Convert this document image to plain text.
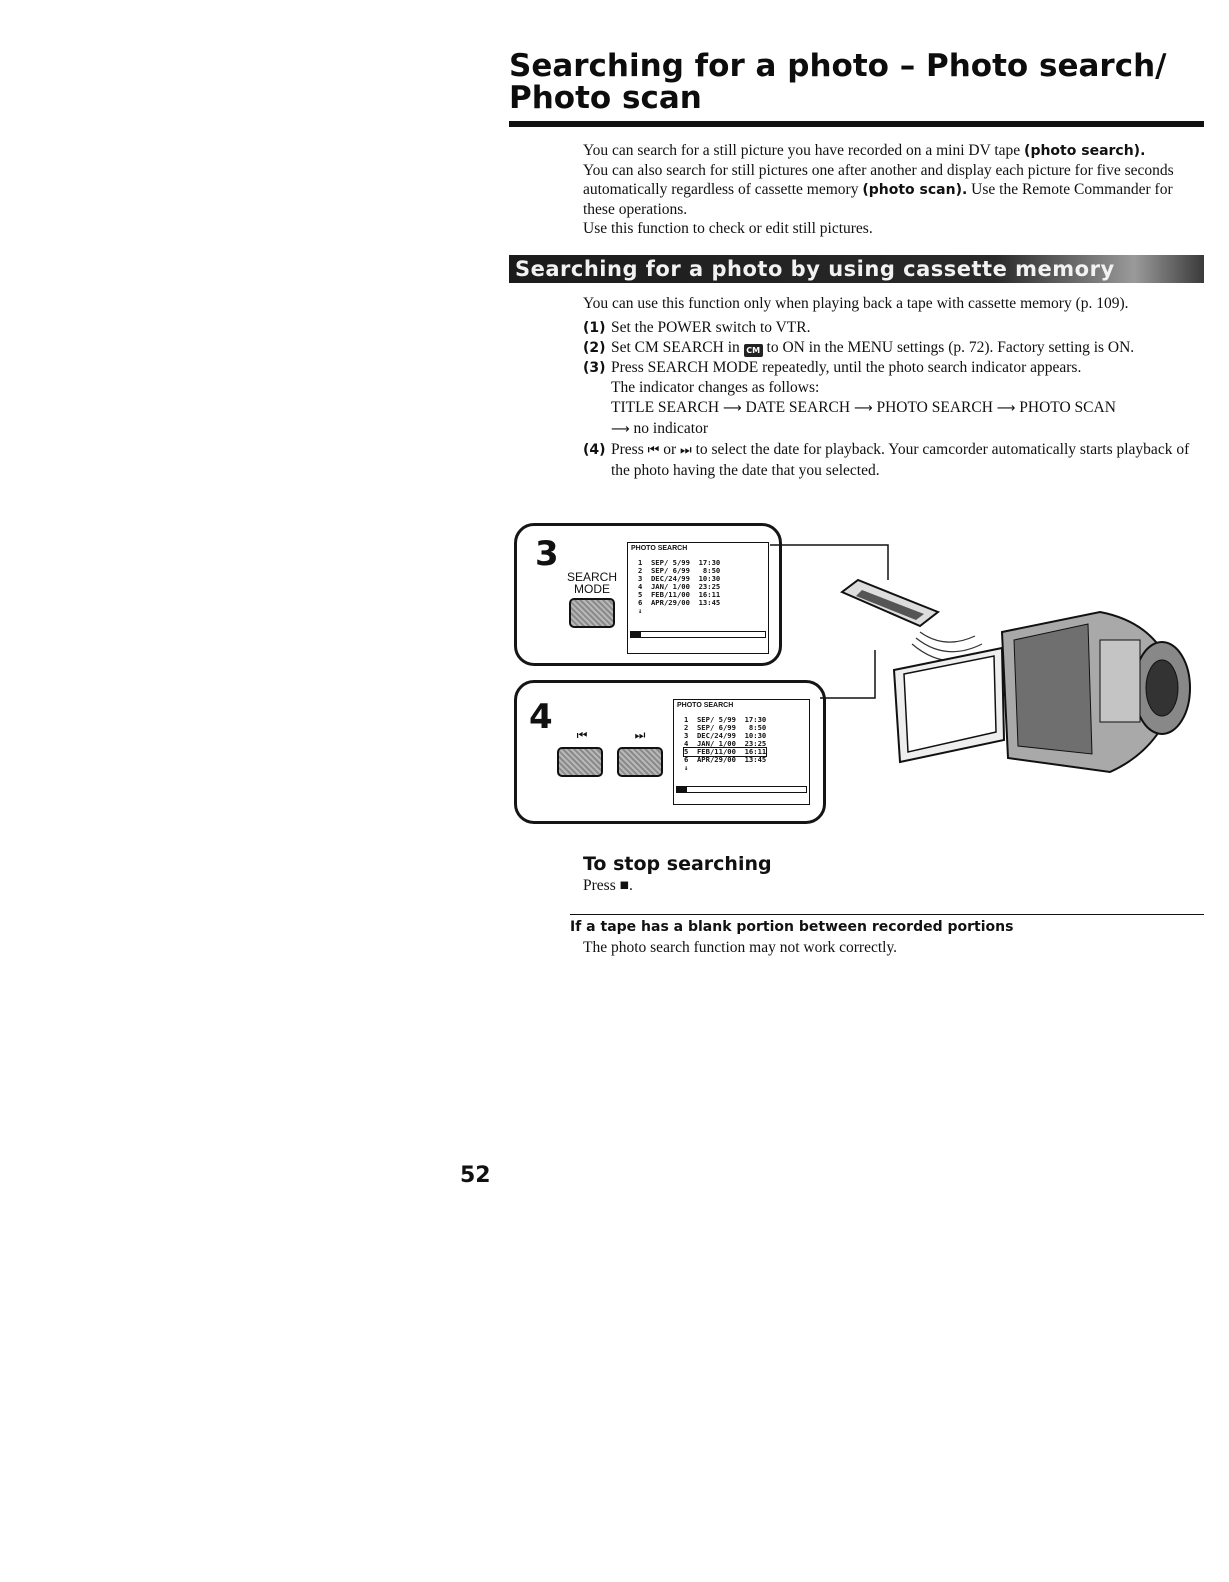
Searching for a photo – Photo search/ Photo scan

You can search for a still picture you have recorded on a mini DV tape (photo search).

You can also search for still pictures one after another and display each picture for five seconds automatically regardless of cassette memory (photo scan). Use the Remote Commander for these operations.

Use this function to check or edit still pictures.

Searching for a photo by using cassette memory

You can use this function only when playing back a tape with cassette memory (p. 109).

(1) Set the POWER switch to VTR.
(2) Set CM SEARCH in CM to ON in the MENU settings (p. 72). Factory setting is ON.
(3) Press SEARCH MODE repeatedly, until the photo search indicator appears.
The indicator changes as follows:
TITLE SEARCH ⟶ DATE SEARCH ⟶ PHOTO SEARCH ⟶ PHOTO SCAN
⟶ no indicator
(4) Press ⏮ or ⏭ to select the date for playback. Your camcorder automatically starts playback of the photo having the date that you selected.
3
SEARCH
MODE
PHOTO SEARCH
1  SEP/ 5/99  17:30
2  SEP/ 6/99   8:50
3  DEC/24/99  10:30
4  JAN/ 1/00  23:25
5  FEB/11/00  16:11
6  APR/29/00  13:45
↓
4	⏮	⏭
PHOTO SEARCH
1  SEP/ 5/99  17:30
2  SEP/ 6/99   8:50
3  DEC/24/99  10:30
4  JAN/ 1/00  23:25
5  FEB/11/00  16:11
6  APR/29/00  13:45
↓
To stop searching

Press ■.

If a tape has a blank portion between recorded portions

The photo search function may not work correctly.

52
